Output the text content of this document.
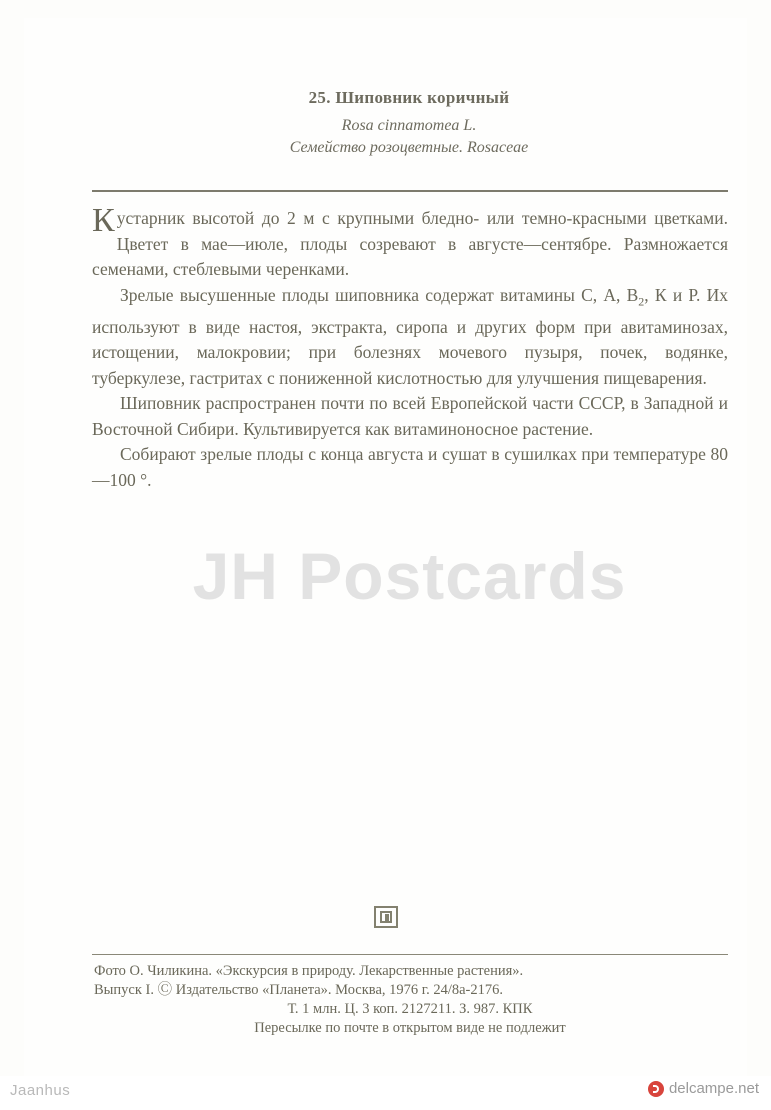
25. Шиповник коричный
Rosa cinnamomea L.
Семейство розоцветные. Rosaceae

Кустарник высотой до 2 м с крупными бледно- или темно-красными цветками. Цветет в мае—июле, плоды созревают в августе—сентябре. Размножается семенами, стеблевыми черенками.

Зрелые высушенные плоды шиповника содержат витамины С, А, $В_2$, К и Р. Их используют в виде настоя, экстракта, сиропа и других форм при авитаминозах, истощении, малокровии; при болезнях мочевого пузыря, почек, водянке, туберкулезе, гастритах с пониженной кислотностью для улучшения пищеварения.

Шиповник распространен почти по всей Европейской части СССР, в Западной и Восточной Сибири. Культивируется как витаминоносное растение.

Собирают зрелые плоды с конца августа и сушат в сушилках при температуре 80—100 °.

JH Postcards
Фото О. Чиликина. «Экскурсия в природу. Лекарственные растения».
Выпуск I. Ⓒ Издательство «Планета». Москва, 1976 г. 24/8а-2176.
Т. 1 млн. Ц. 3 коп. 2127211. З. 987. КПК
Пересылке по почте в открытом виде не подлежит
Jaanhus	delcampe.net
